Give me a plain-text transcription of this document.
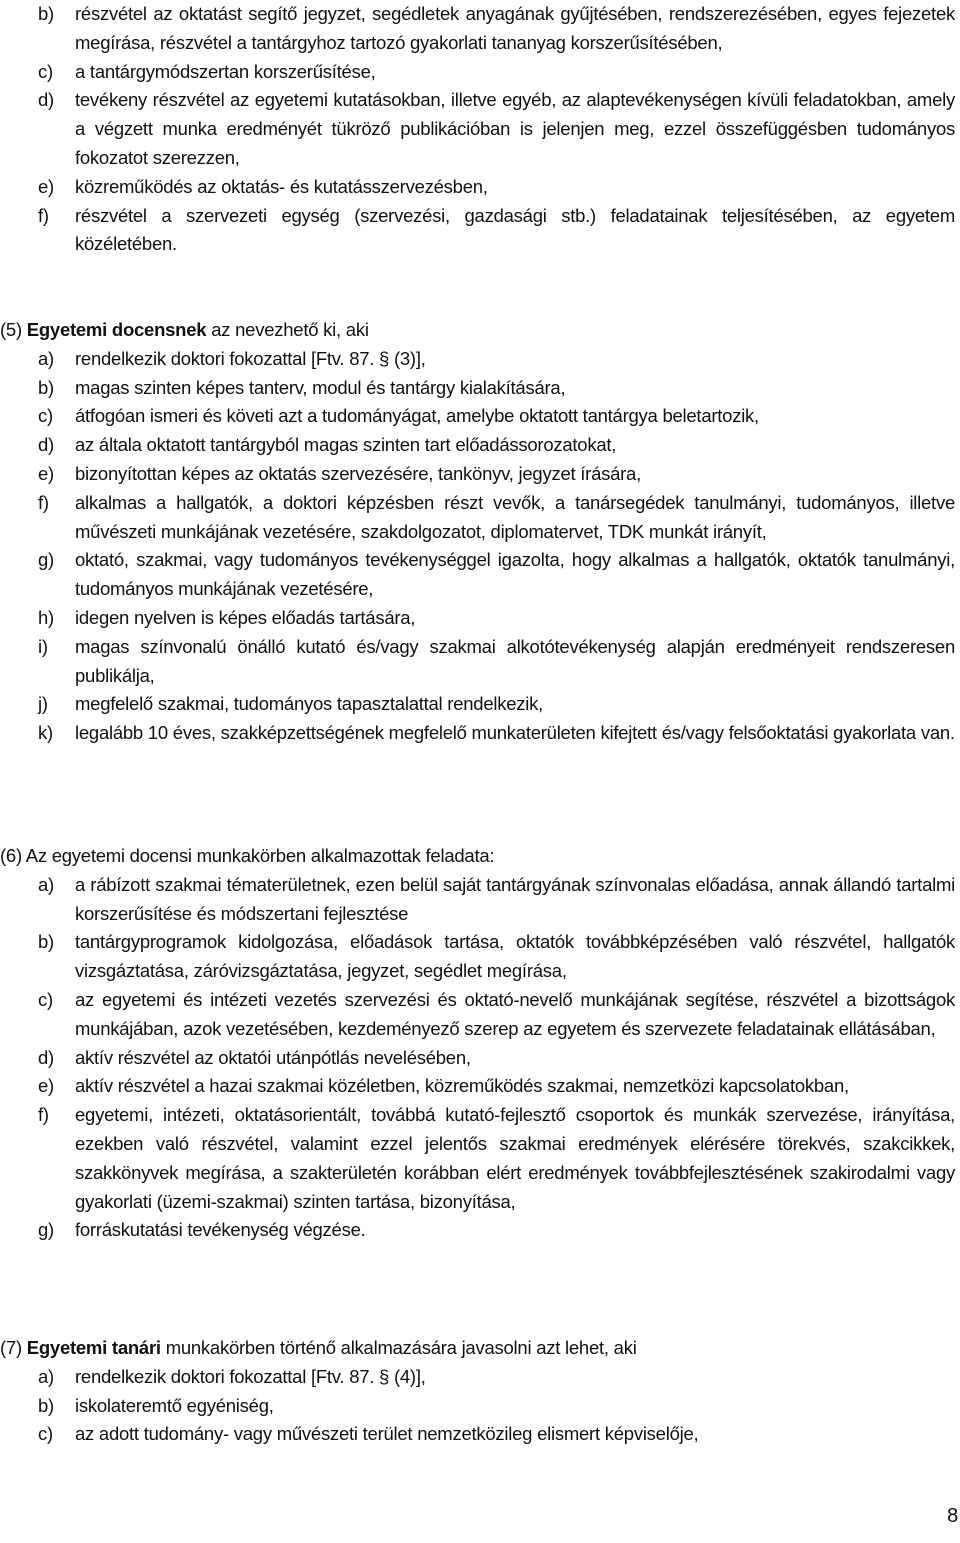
b) részvétel az oktatást segítő jegyzet, segédletek anyagának gyűjtésében, rendszerezésében, egyes fejezetek megírása, részvétel a tantárgyhoz tartozó gyakorlati tananyag korszerűsítésében,
c) a tantárgymódszertan korszerűsítése,
d) tevékeny részvétel az egyetemi kutatásokban, illetve egyéb, az alaptevékenységen kívüli feladatokban, amely a végzett munka eredményét tükröző publikációban is jelenjen meg, ezzel összefüggésben tudományos fokozatot szerezzen,
e) közreműködés az oktatás- és kutatásszervezésben,
f) részvétel a szervezeti egység (szervezési, gazdasági stb.) feladatainak teljesítésében, az egyetem közéletében.
(5) Egyetemi docensnek az nevezhető ki, aki
a) rendelkezik doktori fokozattal [Ftv. 87. § (3)],
b) magas szinten képes tanterv, modul és tantárgy kialakítására,
c) átfogóan ismeri és követi azt a tudományágat, amelybe oktatott tantárgya beletartozik,
d) az általa oktatott tantárgyból magas szinten tart előadássorozatokat,
e) bizonyítottan képes az oktatás szervezésére, tankönyv, jegyzet írására,
f) alkalmas a hallgatók, a doktori képzésben részt vevők, a tanársegédek tanulmányi, tudományos, illetve művészeti munkájának vezetésére, szakdolgozatot, diplomatervet, TDK munkát irányít,
g) oktató, szakmai, vagy tudományos tevékenységgel igazolta, hogy alkalmas a hallgatók, oktatók tanulmányi, tudományos munkájának vezetésére,
h) idegen nyelven is képes előadás tartására,
i) magas színvonalú önálló kutató és/vagy szakmai alkotótevékenység alapján eredményeit rendszeresen publikálja,
j) megfelelő szakmai, tudományos tapasztalattal rendelkezik,
k) legalább 10 éves, szakképzettségének megfelelő munkaterületen kifejtett és/vagy felsőoktatási gyakorlata van.
(6) Az egyetemi docensi munkakörben alkalmazottak feladata:
a) a rábízott szakmai tématerületnek, ezen belül saját tantárgyának színvonalas előadása, annak állandó tartalmi korszerűsítése és módszertani fejlesztése
b) tantárgyprogramok kidolgozása, előadások tartása, oktatók továbbképzésében való részvétel, hallgatók vizsgáztatása, záróvizsgáztatása, jegyzet, segédlet megírása,
c) az egyetemi és intézeti vezetés szervezési és oktató-nevelő munkájának segítése, részvétel a bizottságok munkájában, azok vezetésében, kezdeményező szerep az egyetem és szervezete feladatainak ellátásában,
d) aktív részvétel az oktatói utánpótlás nevelésében,
e) aktív részvétel a hazai szakmai közéletben, közreműködés szakmai, nemzetközi kapcsolatokban,
f) egyetemi, intézeti, oktatásorientált, továbbá kutató-fejlesztő csoportok és munkák szervezése, irányítása, ezekben való részvétel, valamint ezzel jelentős szakmai eredmények elérésére törekvés, szakcikkek, szakkönyvek megírása, a szakterületén korábban elért eredmények továbbfejlesztésének szakirodalmi vagy gyakorlati (üzemi-szakmai) szinten tartása, bizonyítása,
g) forráskutatási tevékenység végzése.
(7) Egyetemi tanári munkakörben történő alkalmazására javasolni azt lehet, aki
a) rendelkezik doktori fokozattal [Ftv. 87. § (4)],
b) iskolateremtő egyéniség,
c) az adott tudomány- vagy művészeti terület nemzetközileg elismert képviselője,
8
